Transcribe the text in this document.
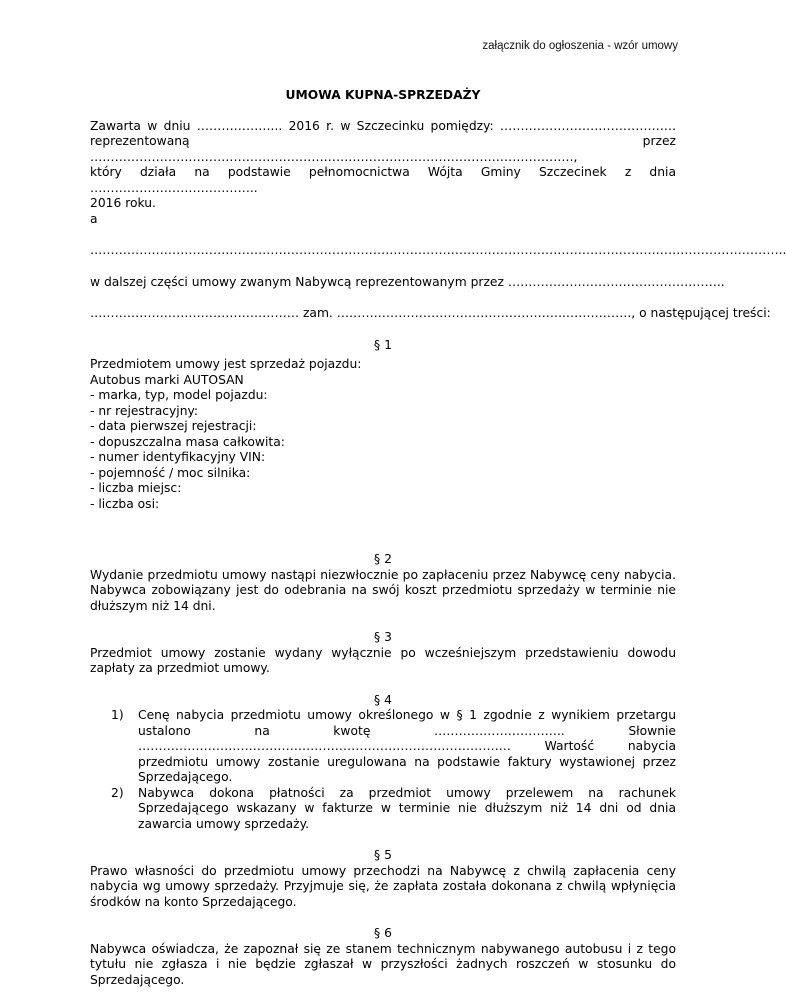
załącznik do ogłoszenia - wzór umowy

UMOWA KUPNA-SPRZEDAŻY

Zawarta w dniu ………………... 2016 r. w Szczecinku pomiędzy: …………………………………….

reprezentowaną przez ……………………………………………………………………………………………………….,

który działa na podstawie pełnomocnictwa Wójta Gminy Szczecinek z dnia …………………………………..

2016 roku.

a

……………………………………………………………………………………………………………………………………………………..

w dalszej części umowy zwanym Nabywcą reprezentowanym przez ……………………………………………..

…………………………………………… zam. ………………………………………………..……………., o następującej treści:

§ 1

Przedmiotem umowy jest sprzedaż pojazdu:

Autobus marki AUTOSAN

- marka, typ, model pojazdu:

- nr rejestracyjny:

- data pierwszej rejestracji:

- dopuszczalna masa całkowita:

- numer identyfikacyjny VIN:

- pojemność / moc silnika:

- liczba miejsc:

- liczba osi:

§ 2

Wydanie przedmiotu umowy nastąpi niezwłocznie po zapłaceniu przez Nabywcę ceny nabycia. Nabywca zobowiązany jest do odebrania na swój koszt przedmiotu sprzedaży w terminie nie dłuższym niż 14 dni.

§ 3

Przedmiot umowy zostanie wydany wyłącznie po wcześniejszym przedstawieniu dowodu zapłaty za przedmiot umowy.

§ 4

1) Cenę nabycia przedmiotu umowy określonego w § 1 zgodnie z wynikiem przetargu ustalono na kwotę ………………………….. Słownie ………………………………………………………………………………. Wartość nabycia przedmiotu umowy zostanie uregulowana na podstawie faktury wystawionej przez Sprzedającego.
2) Nabywca dokona płatności za przedmiot umowy przelewem na rachunek Sprzedającego wskazany w fakturze w terminie nie dłuższym niż 14 dni od dnia zawarcia umowy sprzedaży.

§ 5

Prawo własności do przedmiotu umowy przechodzi na Nabywcę z chwilą zapłacenia ceny nabycia wg umowy sprzedaży. Przyjmuje się, że zapłata została dokonana z chwilą wpłynięcia środków na konto Sprzedającego.

§ 6

Nabywca oświadcza, że zapoznał się ze stanem technicznym nabywanego autobusu i z tego tytułu nie zgłasza i nie będzie zgłaszał w przyszłości żadnych roszczeń w stosunku do Sprzedającego.
